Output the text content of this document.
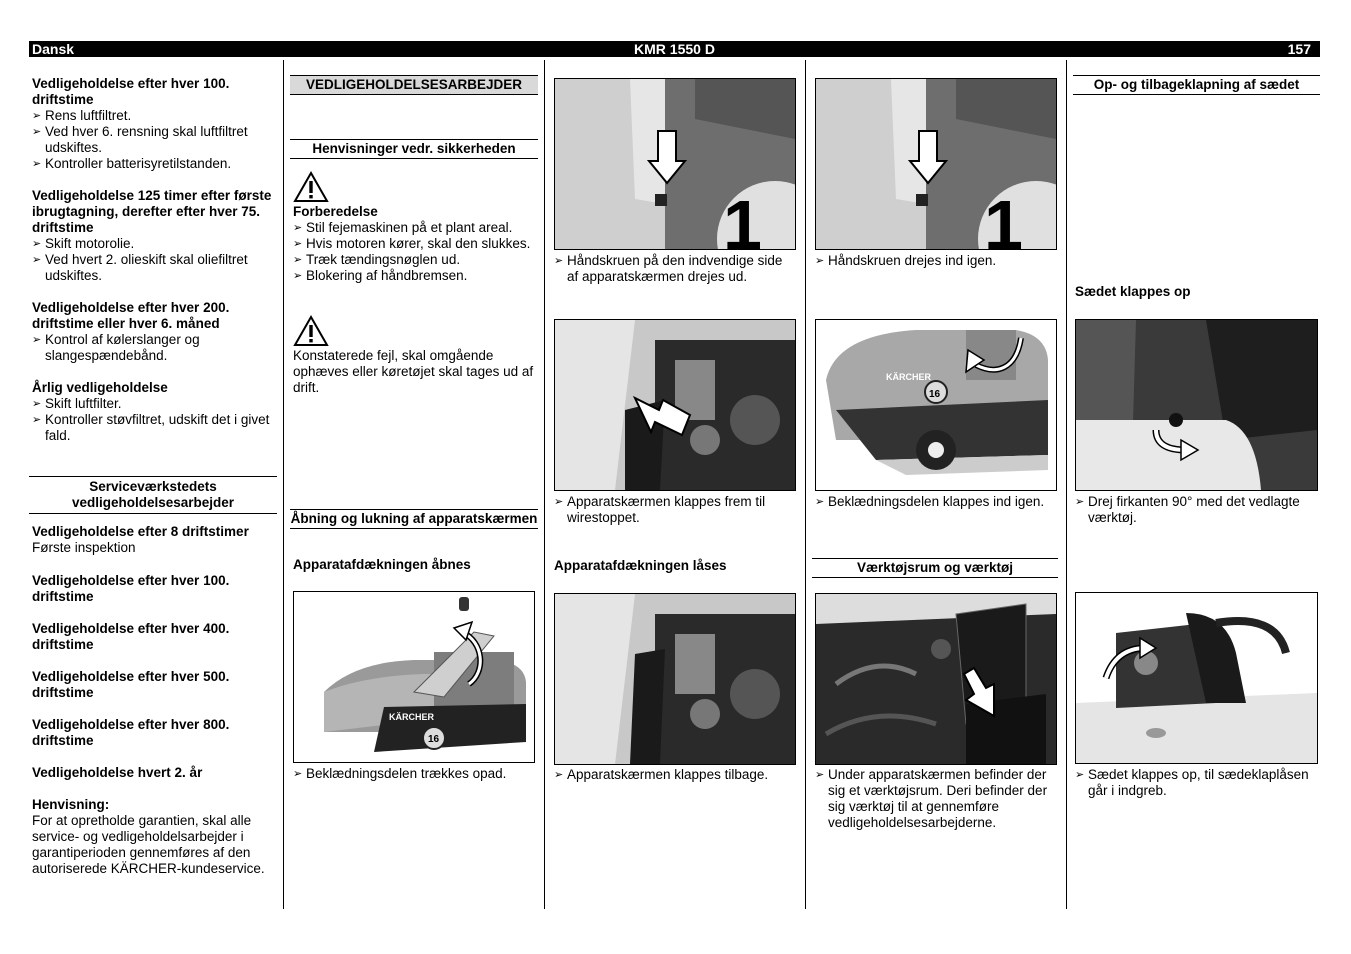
Dansk	KMR 1550 D	157
Vedligeholdelse efter hver 100. driftstime
➢ Rens luftfiltret.
➢ Ved hver 6. rensning skal luftfiltret udskiftes.
➢ Kontroller batterisyretilstanden.
Vedligeholdelse 125 timer efter første ibrugtagning, derefter efter hver 75. driftstime
➢ Skift motorolie.
➢ Ved hvert 2. olieskift skal oliefiltret udskiftes.
Vedligeholdelse efter hver 200. driftstime eller hver 6. måned
➢ Kontrol af kølerslanger og slangespændebånd.
Årlig vedligeholdelse
➢ Skift luftfilter.
➢ Kontroller støvfiltret, udskift det i givet fald.
Serviceværkstedets vedligeholdelsesarbejder
Vedligeholdelse efter 8 driftstimer
Første inspektion
Vedligeholdelse efter hver 100. driftstime
Vedligeholdelse efter hver 400. driftstime
Vedligeholdelse efter hver 500. driftstime
Vedligeholdelse efter hver 800. driftstime
Vedligeholdelse hvert 2. år
Henvisning:
For at opretholde garantien, skal alle service- og vedligeholdelsarbejder i garantiperioden gennemføres af den autoriserede KÄRCHER-kundeservice.
VEDLIGEHOLDELSESARBEJDER
Henvisninger vedr. sikkerheden
Forberedelse
➢ Stil fejemaskinen på et plant areal.
➢ Hvis motoren kører, skal den slukkes.
➢ Træk tændingsnøglen ud.
➢ Blokering af håndbremsen.
Konstaterede fejl, skal omgående ophæves eller køretøjet skal tages ud af drift.
Åbning og lukning af apparatskærmen
Apparatafdækningen åbnes
16
KÄRCHER
➢ Beklædningsdelen trækkes opad.
1
➢ Håndskruen på den indvendige side af apparatskærmen drejes ud.
➢ Apparatskærmen klappes frem til wirestoppet.
Apparatafdækningen låses
➢ Apparatskærmen klappes tilbage.
1
➢ Håndskruen drejes ind igen.
16
KÄRCHER
➢ Beklædningsdelen klappes ind igen.
Værktøjsrum og værktøj
➢ Under apparatskærmen befinder der sig et værktøjsrum. Deri befinder der sig værktøj til at gennemføre vedligeholdelsesarbejderne.
Op- og tilbageklapning af sædet
Sædet klappes op
➢ Drej firkanten 90° med det vedlagte værktøj.
➢ Sædet klappes op, til sædeklaplåsen går i indgreb.
